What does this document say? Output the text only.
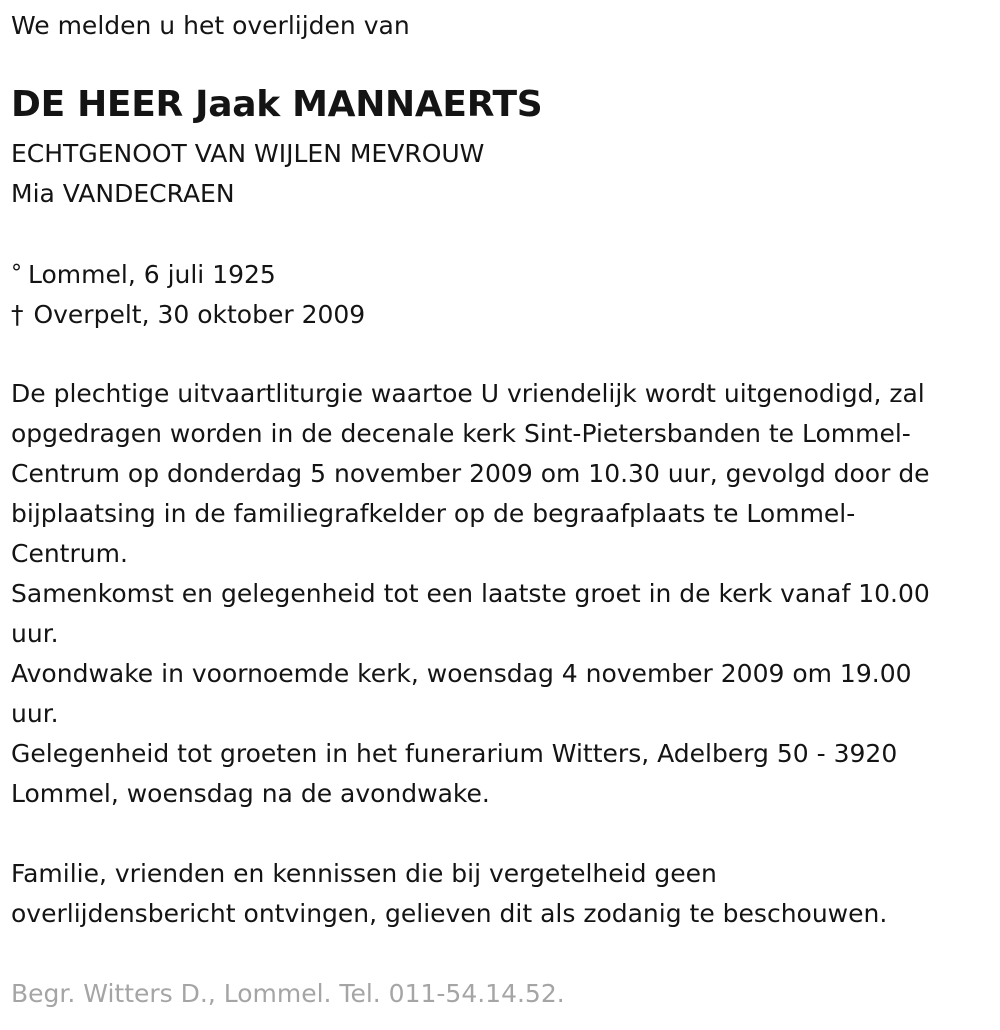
We melden u het overlijden van
DE HEER Jaak MANNAERTS
ECHTGENOOT VAN WIJLEN MEVROUW
Mia VANDECRAEN
° Lommel, 6 juli 1925
† Overpelt, 30 oktober 2009
De plechtige uitvaartliturgie waartoe U vriendelijk wordt uitgenodigd, zal
opgedragen worden in de decenale kerk Sint-Pietersbanden te Lommel-
Centrum op donderdag 5 november 2009 om 10.30 uur, gevolgd door de
bijplaatsing in de familiegrafkelder op de begraafplaats te Lommel-
Centrum.
Samenkomst en gelegenheid tot een laatste groet in de kerk vanaf 10.00
uur.
Avondwake in voornoemde kerk, woensdag 4 november 2009 om 19.00
uur.
Gelegenheid tot groeten in het funerarium Witters, Adelberg 50 - 3920
Lommel, woensdag na de avondwake.
Familie, vrienden en kennissen die bij vergetelheid geen
overlijdensbericht ontvingen, gelieven dit als zodanig te beschouwen.
Begr. Witters D., Lommel. Tel. 011-54.14.52.
